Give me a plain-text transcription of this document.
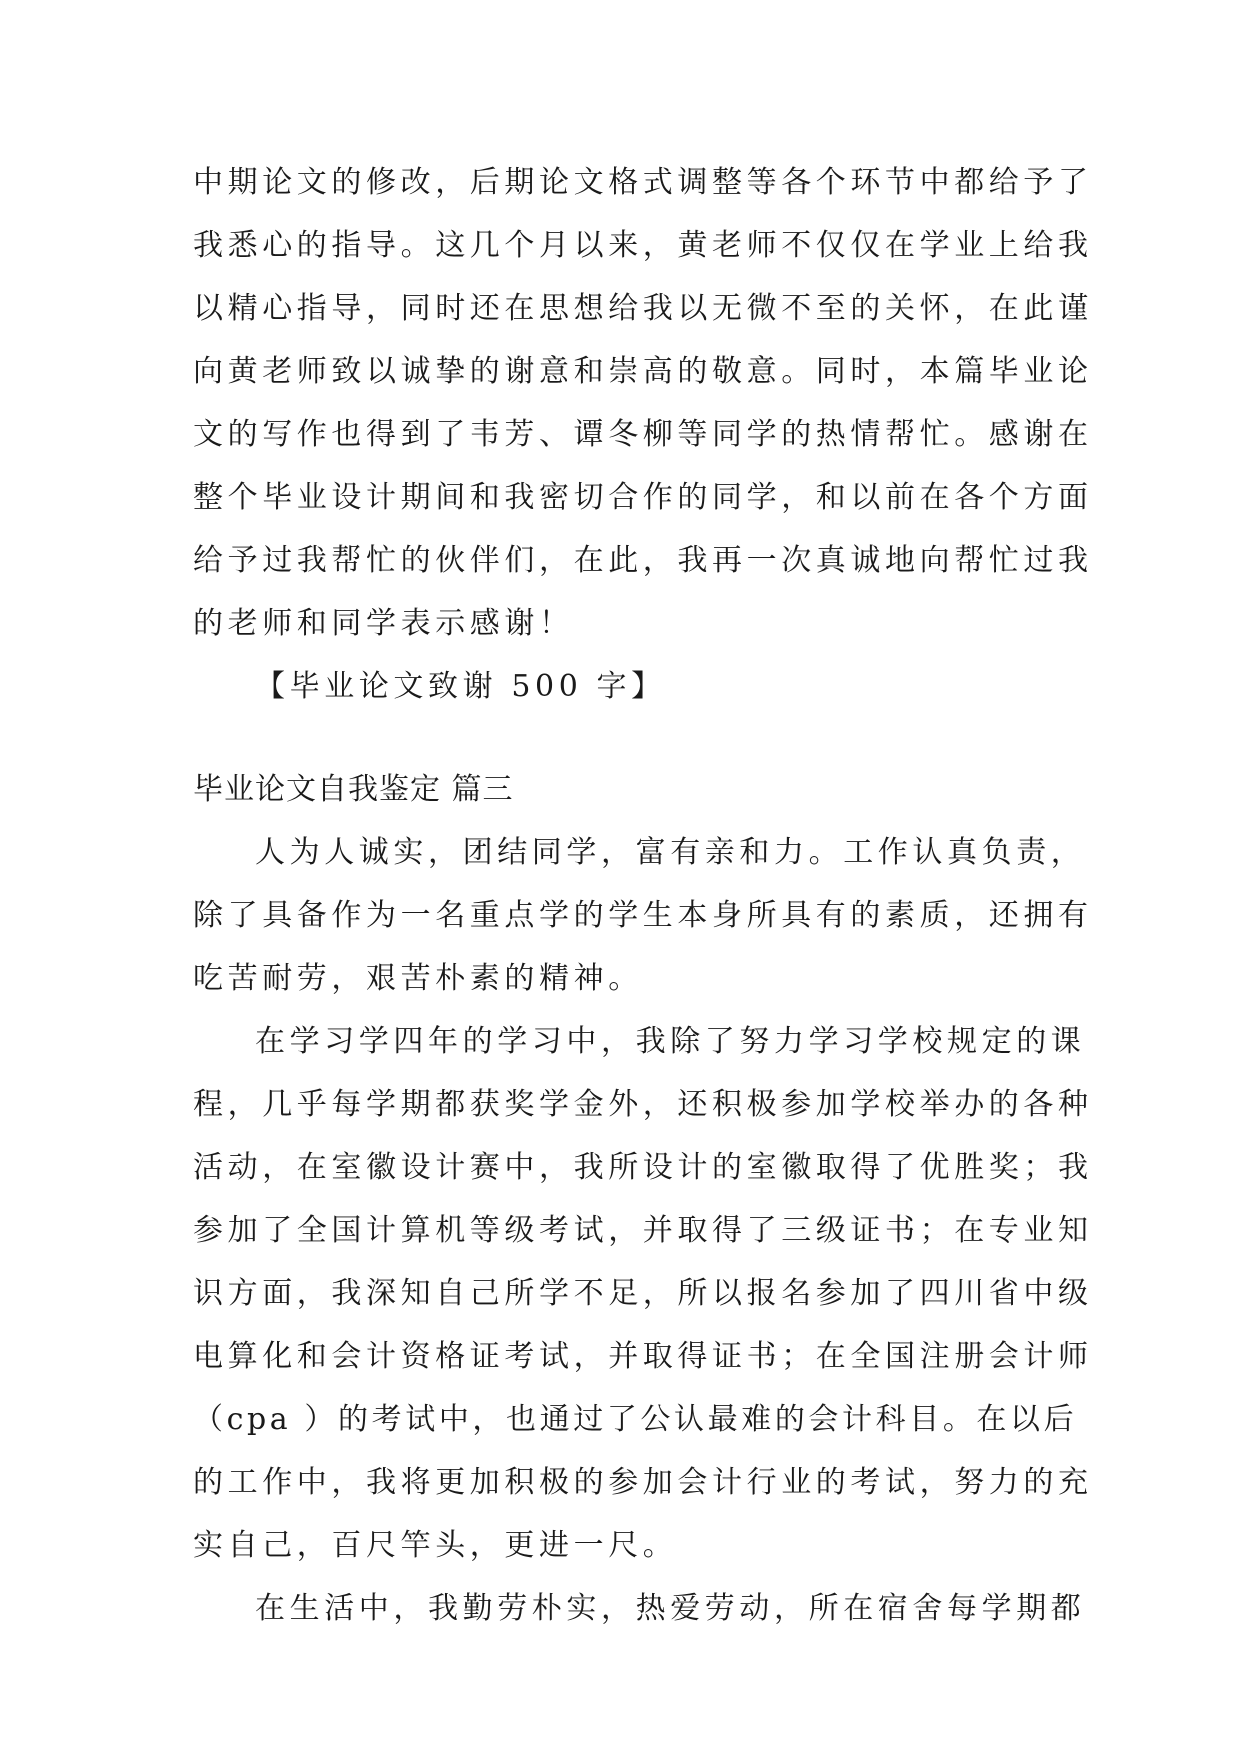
中期论文的修改，后期论文格式调整等各个环节中都给予了
我悉心的指导。这几个月以来，黄老师不仅仅在学业上给我
以精心指导，同时还在思想给我以无微不至的关怀，在此谨
向黄老师致以诚挚的谢意和崇高的敬意。同时，本篇毕业论
文的写作也得到了韦芳、谭冬柳等同学的热情帮忙。感谢在
整个毕业设计期间和我密切合作的同学，和以前在各个方面
给予过我帮忙的伙伴们，在此，我再一次真诚地向帮忙过我
的老师和同学表示感谢！
【毕业论文致谢 500 字】
毕业论文自我鉴定 篇三
人为人诚实，团结同学，富有亲和力。工作认真负责，
除了具备作为一名重点学的学生本身所具有的素质，还拥有
吃苦耐劳，艰苦朴素的精神。
在学习学四年的学习中，我除了努力学习学校规定的课
程，几乎每学期都获奖学金外，还积极参加学校举办的各种
活动，在室徽设计赛中，我所设计的室徽取得了优胜奖；我
参加了全国计算机等级考试，并取得了三级证书；在专业知
识方面，我深知自己所学不足，所以报名参加了四川省中级
电算化和会计资格证考试，并取得证书；在全国注册会计师
（cpa ）的考试中，也通过了公认最难的会计科目。在以后
的工作中，我将更加积极的参加会计行业的考试，努力的充
实自己，百尺竿头，更进一尺。
在生活中，我勤劳朴实，热爱劳动，所在宿舍每学期都
